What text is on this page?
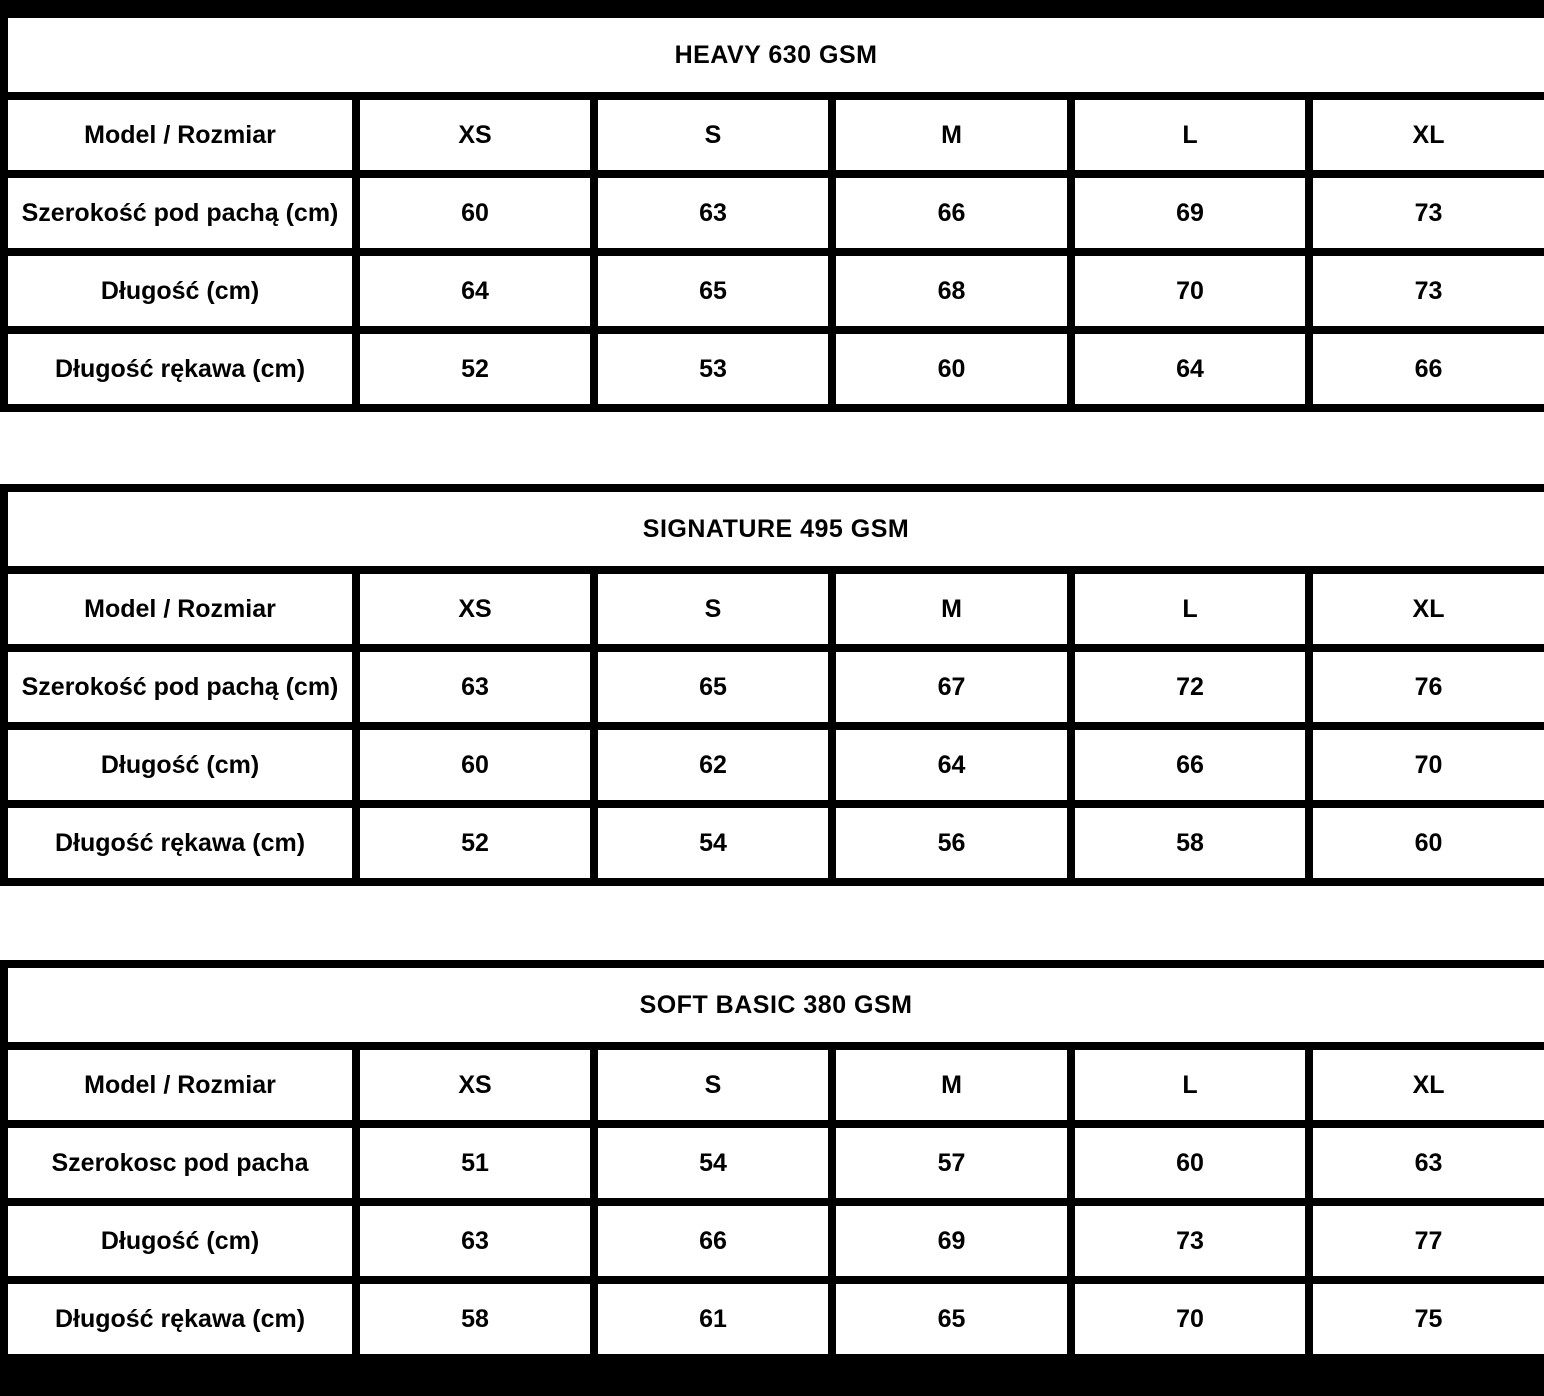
HEAVY 630 GSM					
Model / Rozmiar	XS	S	M	L	XL
Szerokość pod pachą (cm)	60	63	66	69	73
Długość (cm)	64	65	68	70	73
Długość rękawa (cm)	52	53	60	64	66
SIGNATURE 495 GSM					
Model / Rozmiar	XS	S	M	L	XL
Szerokość pod pachą (cm)	63	65	67	72	76
Długość (cm)	60	62	64	66	70
Długość rękawa (cm)	52	54	56	58	60
SOFT BASIC 380 GSM					
Model / Rozmiar	XS	S	M	L	XL
Szerokosc pod pacha	51	54	57	60	63
Długość (cm)	63	66	69	73	77
Długość rękawa (cm)	58	61	65	70	75
